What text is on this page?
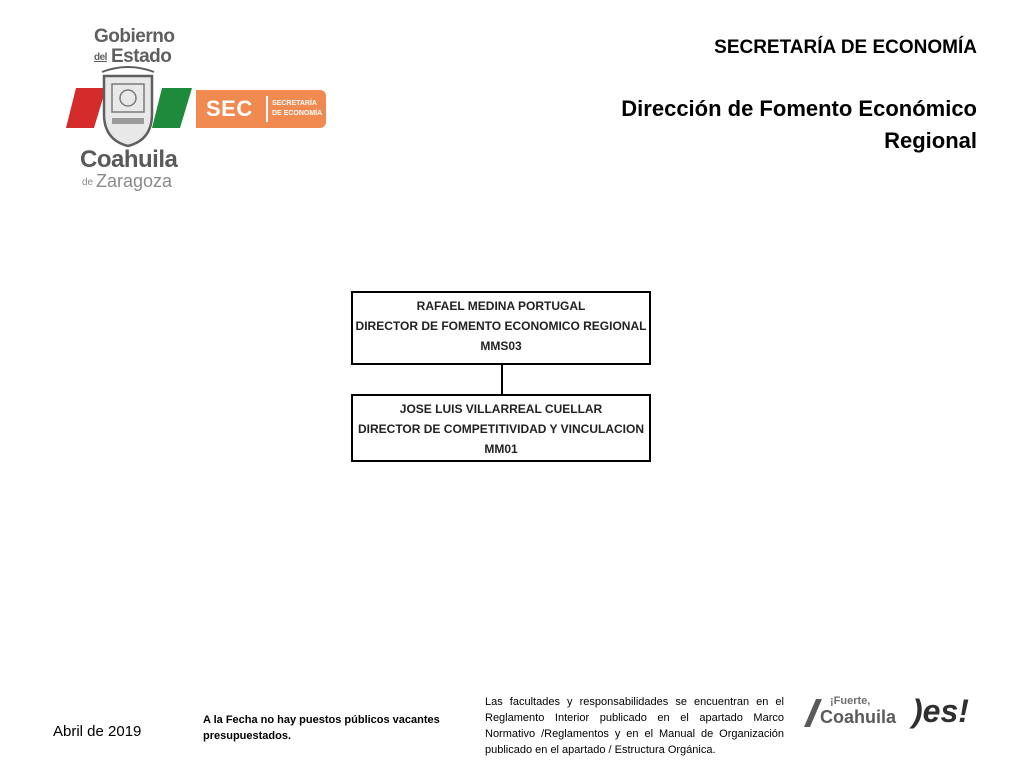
Gobierno
del Estado
SEC	SECRETARÍA
DE ECONOMÍA
Coahuila
de Zaragoza
SECRETARÍA DE ECONOMÍA
Dirección de Fomento Económico
Regional
RAFAEL MEDINA PORTUGAL
DIRECTOR DE FOMENTO ECONOMICO REGIONAL
MMS03
JOSE LUIS VILLARREAL CUELLAR
DIRECTOR DE COMPETITIVIDAD Y VINCULACION
MM01
Abril de 2019
A la Fecha no hay puestos públicos vacantes presupuestados.
Las facultades y responsabilidades se encuentran en el Reglamento Interior publicado en el apartado Marco Normativo /Reglamentos y en el Manual de Organización publicado en el apartado / Estructura Orgánica.
¡Fuerte,
Coahuila )es!
